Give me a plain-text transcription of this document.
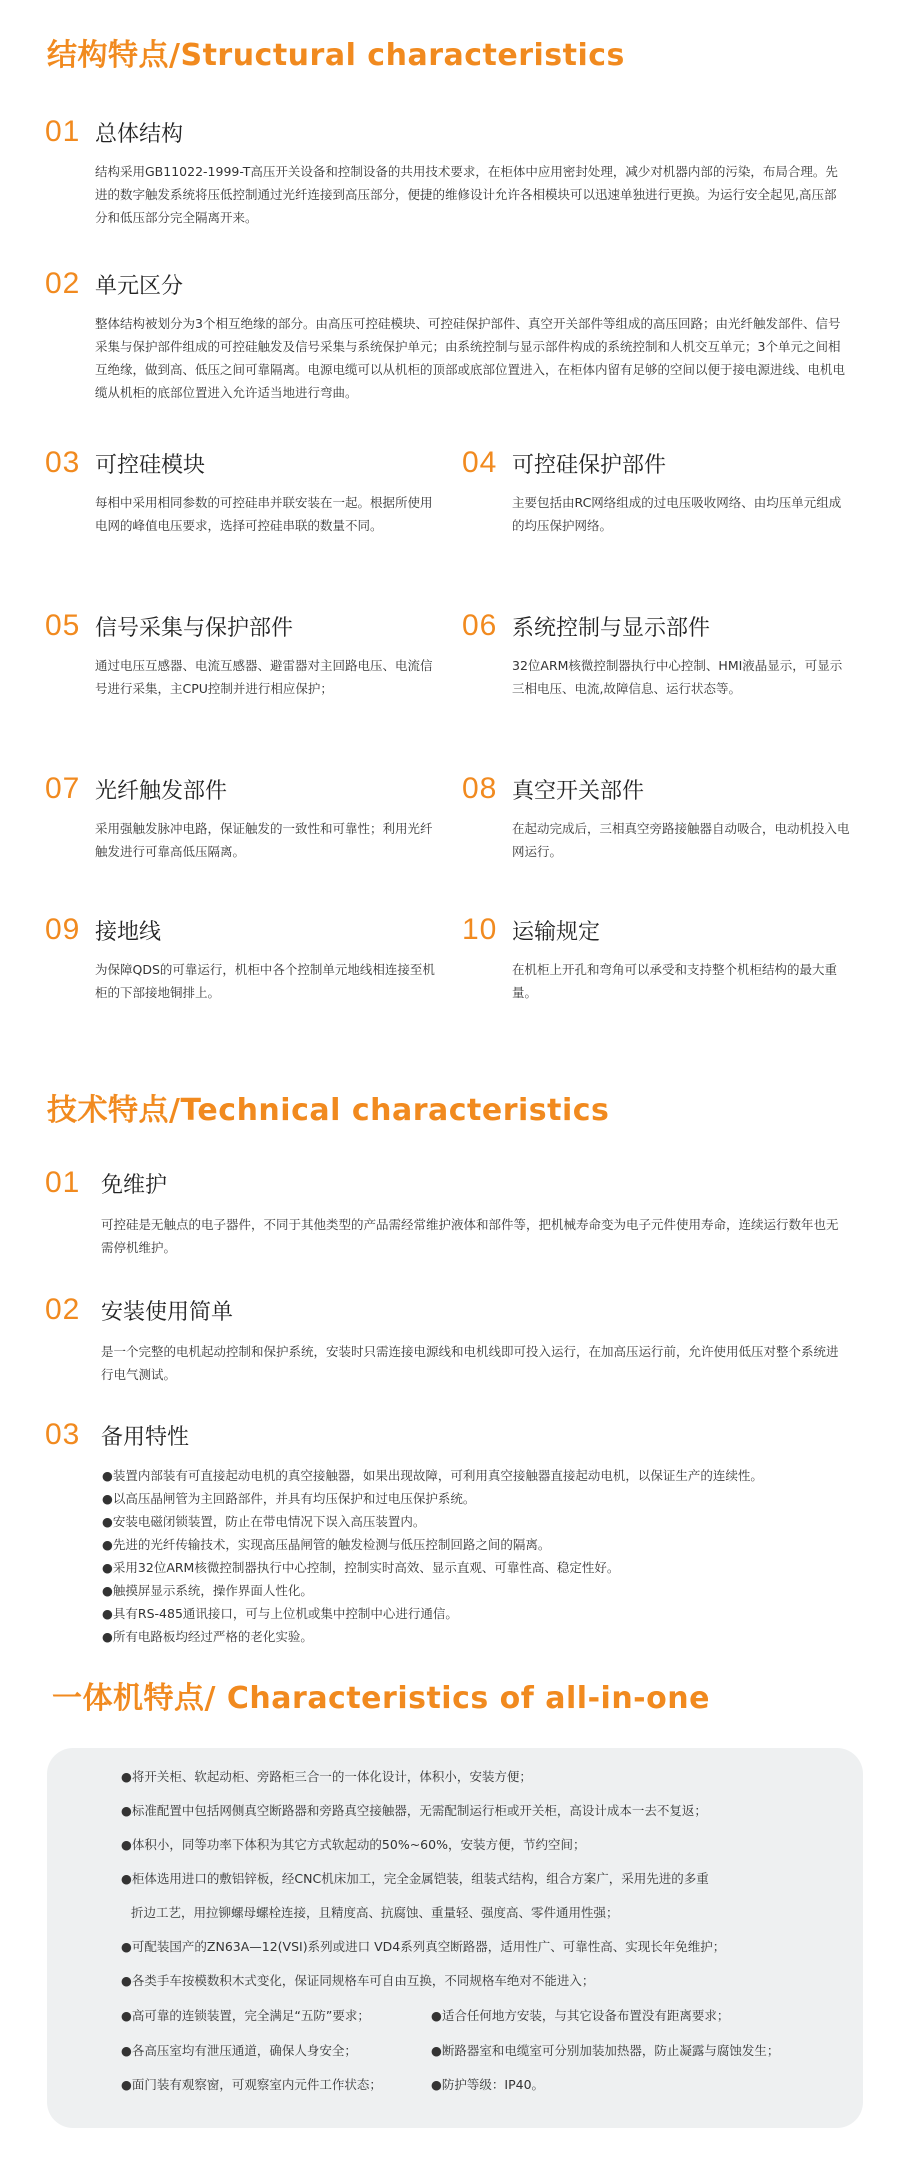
结构特点/Structural characteristics
01 总体结构
结构采用GB11022-1999-T高压开关设备和控制设备的共用技术要求，在柜体中应用密封处理，减少对机器内部的污染，布局合理。先进的数字触发系统将压低控制通过光纤连接到高压部分，便捷的维修设计允许各相模块可以迅速单独进行更换。为运行安全起见,高压部分和低压部分完全隔离开来。
02 单元区分
整体结构被划分为3个相互绝缘的部分。由高压可控硅模块、可控硅保护部件、真空开关部件等组成的高压回路；由光纤触发部件、信号采集与保护部件组成的可控硅触发及信号采集与系统保护单元；由系统控制与显示部件构成的系统控制和人机交互单元；3个单元之间相互绝缘，做到高、低压之间可靠隔离。电源电缆可以从机柜的顶部或底部位置进入，在柜体内留有足够的空间以便于接电源进线、电机电缆从机柜的底部位置进入允许适当地进行弯曲。
03 可控硅模块
每相中采用相同参数的可控硅串并联安装在一起。根据所使用电网的峰值电压要求，选择可控硅串联的数量不同。
04 可控硅保护部件
主要包括由RC网络组成的过电压吸收网络、由均压单元组成的均压保护网络。
05 信号采集与保护部件
通过电压互感器、电流互感器、避雷器对主回路电压、电流信号进行采集，主CPU控制并进行相应保护；
06 系统控制与显示部件
32位ARM核微控制器执行中心控制、HMI液晶显示，可显示三相电压、电流,故障信息、运行状态等。
07 光纤触发部件
采用强触发脉冲电路，保证触发的一致性和可靠性；利用光纤触发进行可靠高低压隔离。
08 真空开关部件
在起动完成后，三相真空旁路接触器自动吸合，电动机投入电网运行。
09 接地线
为保障QDS的可靠运行，机柜中各个控制单元地线相连接至机柜的下部接地铜排上。
10 运输规定
在机柜上开孔和弯角可以承受和支持整个机柜结构的最大重量。
技术特点/Technical characteristics
01 免维护
可控硅是无触点的电子器件，不同于其他类型的产品需经常维护液体和部件等，把机械寿命变为电子元件使用寿命，连续运行数年也无需停机维护。
02 安装使用简单
是一个完整的电机起动控制和保护系统，安装时只需连接电源线和电机线即可投入运行，在加高压运行前，允许使用低压对整个系统进行电气测试。
03 备用特性
●装置内部装有可直接起动电机的真空接触器，如果出现故障，可利用真空接触器直接起动电机，以保证生产的连续性。
●以高压晶闸管为主回路部件，并具有均压保护和过电压保护系统。
●安装电磁闭锁装置，防止在带电情况下误入高压装置内。
●先进的光纤传输技术，实现高压晶闸管的触发检测与低压控制回路之间的隔离。
●采用32位ARM核微控制器执行中心控制，控制实时高效、显示直观、可靠性高、稳定性好。
●触摸屏显示系统，操作界面人性化。
●具有RS-485通讯接口，可与上位机或集中控制中心进行通信。
●所有电路板均经过严格的老化实验。
一体机特点/ Characteristics of all-in-one
●将开关柜、软起动柜、旁路柜三合一的一体化设计，体积小，安装方便；
●标准配置中包括网侧真空断路器和旁路真空接触器，无需配制运行柜或开关柜，高设计成本一去不复返；
●体积小，同等功率下体积为其它方式软起动的50%~60%，安装方便，节约空间；
●柜体选用进口的敷铝锌板，经CNC机床加工，完全金属铠装，组装式结构，组合方案广，采用先进的多重
折边工艺，用拉铆螺母螺栓连接，且精度高、抗腐蚀、重量轻、强度高、零件通用性强；
●可配装国产的ZN63A—12(VSI)系列或进口 VD4系列真空断路器，适用性广、可靠性高、实现长年免维护；
●各类手车按模数积木式变化，保证同规格车可自由互换，不同规格车绝对不能进入；
●高可靠的连锁装置，完全满足“五防”要求；	●适合任何地方安装，与其它设备布置没有距离要求；
●各高压室均有泄压通道，确保人身安全；	●断路器室和电缆室可分别加装加热器，防止凝露与腐蚀发生；
●面门装有观察窗，可观察室内元件工作状态；	●防护等级：IP40。
